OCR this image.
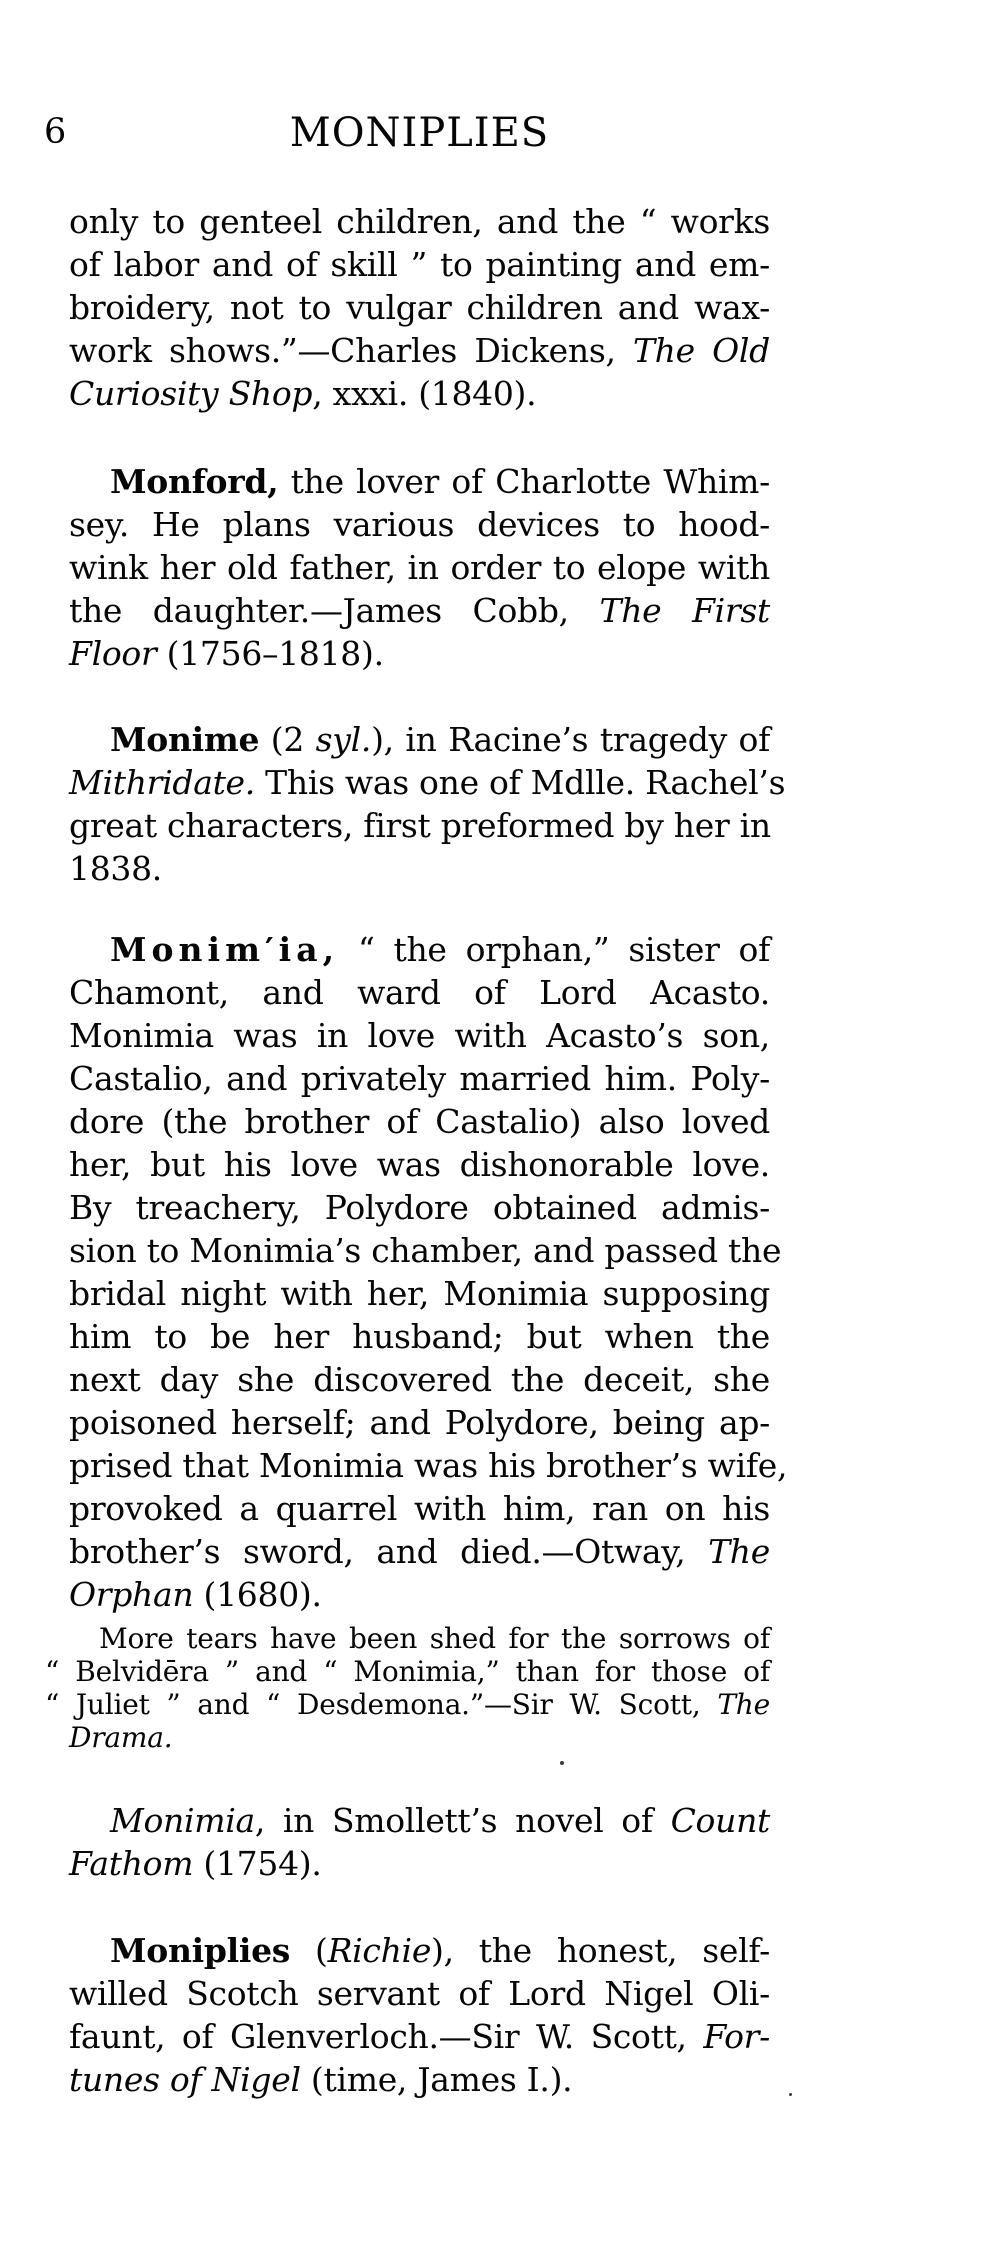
6	MONIPLIES
only to genteel children, and the “ works
of labor and of skill ” to painting and em-
broidery, not to vulgar children and wax-
work shows.”—Charles Dickens, The Old
Curiosity Shop, xxxi. (1840).
Monford, the lover of Charlotte Whim-
sey. He plans various devices to hood-
wink her old father, in order to elope with
the daughter.—James Cobb, The First
Floor (1756–1818).
Monime (2 syl.), in Racine’s tragedy of
Mithridate. This was one of Mdlle. Rachel’s
great characters, first preformed by her in
1838.
Monim′ia, “ the orphan,” sister of
Chamont, and ward of Lord Acasto.
Monimia was in love with Acasto’s son,
Castalio, and privately married him. Poly-
dore (the brother of Castalio) also loved
her, but his love was dishonorable love.
By treachery, Polydore obtained admis-
sion to Monimia’s chamber, and passed the
bridal night with her, Monimia supposing
him to be her husband; but when the
next day she discovered the deceit, she
poisoned herself; and Polydore, being ap-
prised that Monimia was his brother’s wife,
provoked a quarrel with him, ran on his
brother’s sword, and died.—Otway, The
Orphan (1680).
More tears have been shed for the sorrows of
“ Belvidēra ” and “ Monimia,” than for those of
“ Juliet ” and “ Desdemona.”—Sir W. Scott, The
Drama.
Monimia, in Smollett’s novel of Count
Fathom (1754).
Moniplies (Richie), the honest, self-
willed Scotch servant of Lord Nigel Oli-
faunt, of Glenverloch.—Sir W. Scott, For-
tunes of Nigel (time, James I.).
